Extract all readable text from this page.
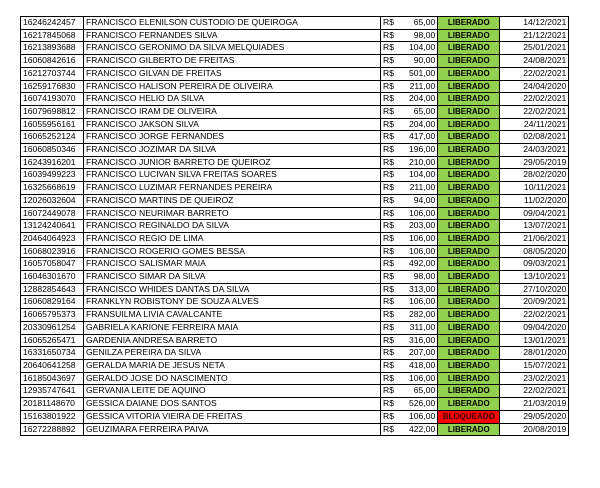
16246242457	FRANCISCO ELENILSON CUSTODIO DE QUEIROGA	R$	65,00	LIBERADO	14/12/2021
16217845068	FRANCISCO FERNANDES SILVA	R$	98,00	LIBERADO	21/12/2021
16213893688	FRANCISCO GERONIMO DA SILVA MELQUIADES	R$	104,00	LIBERADO	25/01/2021
16060842616	FRANCISCO GILBERTO DE FREITAS	R$	90,00	LIBERADO	24/08/2021
16212703744	FRANCISCO GILVAN DE FREITAS	R$	501,00	LIBERADO	22/02/2021
16259176830	FRANCISCO HALISON PEREIRA DE OLIVEIRA	R$	211,00	LIBERADO	24/04/2020
16074193070	FRANCISCO HELIO DA SILVA	R$	204,00	LIBERADO	22/02/2021
16079698812	FRANCISCO IRAM DE OLIVEIRA	R$	65,00	LIBERADO	22/02/2021
16055956161	FRANCISCO JAKSON SILVA	R$	204,00	LIBERADO	24/11/2021
16065252124	FRANCISCO JORGE FERNANDES	R$	417,00	LIBERADO	02/08/2021
16060850346	FRANCISCO JOZIMAR DA SILVA	R$	196,00	LIBERADO	24/03/2021
16243916201	FRANCISCO JUNIOR BARRETO DE QUEIROZ	R$	210,00	LIBERADO	29/05/2019
16039499223	FRANCISCO LUCIVAN SILVA FREITAS SOARES	R$	104,00	LIBERADO	28/02/2020
16325668619	FRANCISCO LUZIMAR FERNANDES PEREIRA	R$	211,00	LIBERADO	10/11/2021
12026032604	FRANCISCO MARTINS DE QUEIROZ	R$	94,00	LIBERADO	11/02/2020
16072449078	FRANCISCO NEURIMAR BARRETO	R$	106,00	LIBERADO	09/04/2021
13124240641	FRANCISCO REGINALDO DA SILVA	R$	203,00	LIBERADO	13/07/2021
20464064923	FRANCISCO REGIO DE LIMA	R$	106,00	LIBERADO	21/06/2021
16068023916	FRANCISCO ROGERIO GOMES BESSA	R$	106,00	LIBERADO	08/05/2020
16057058047	FRANCISCO SALISMAR MAIA	R$	492,00	LIBERADO	09/03/2021
16046301670	FRANCISCO SIMAR DA SILVA	R$	98,00	LIBERADO	13/10/2021
12882854643	FRANCISCO WHIDES DANTAS DA SILVA	R$	313,00	LIBERADO	27/10/2020
16060829164	FRANKLYN ROBISTONY DE SOUZA ALVES	R$	106,00	LIBERADO	20/09/2021
16065795373	FRANSUILMA LIVIA CAVALCANTE	R$	282,00	LIBERADO	22/02/2021
20330961254	GABRIELA KARIONE FERREIRA MAIA	R$	311,00	LIBERADO	09/04/2020
16065265471	GARDENIA ANDRESA BARRETO	R$	316,00	LIBERADO	13/01/2021
16331650734	GENILZA PEREIRA DA SILVA	R$	207,00	LIBERADO	28/01/2020
20640641258	GERALDA MARIA DE JESUS NETA	R$	418,00	LIBERADO	15/07/2021
16185043697	GERALDO JOSE DO NASCIMENTO	R$	106,00	LIBERADO	23/02/2021
12935747641	GERVANIA LEITE DE AQUINO	R$	65,00	LIBERADO	22/02/2021
20181148670	GESSICA DAIANE DOS SANTOS	R$	526,00	LIBERADO	21/03/2019
15163801922	GESSICA VITORIA VIEIRA DE FREITAS	R$	106,00	BLOQUEADO	29/05/2020
16272288892	GEUZIMARA FERREIRA PAIVA	R$	422,00	LIBERADO	20/08/2019
